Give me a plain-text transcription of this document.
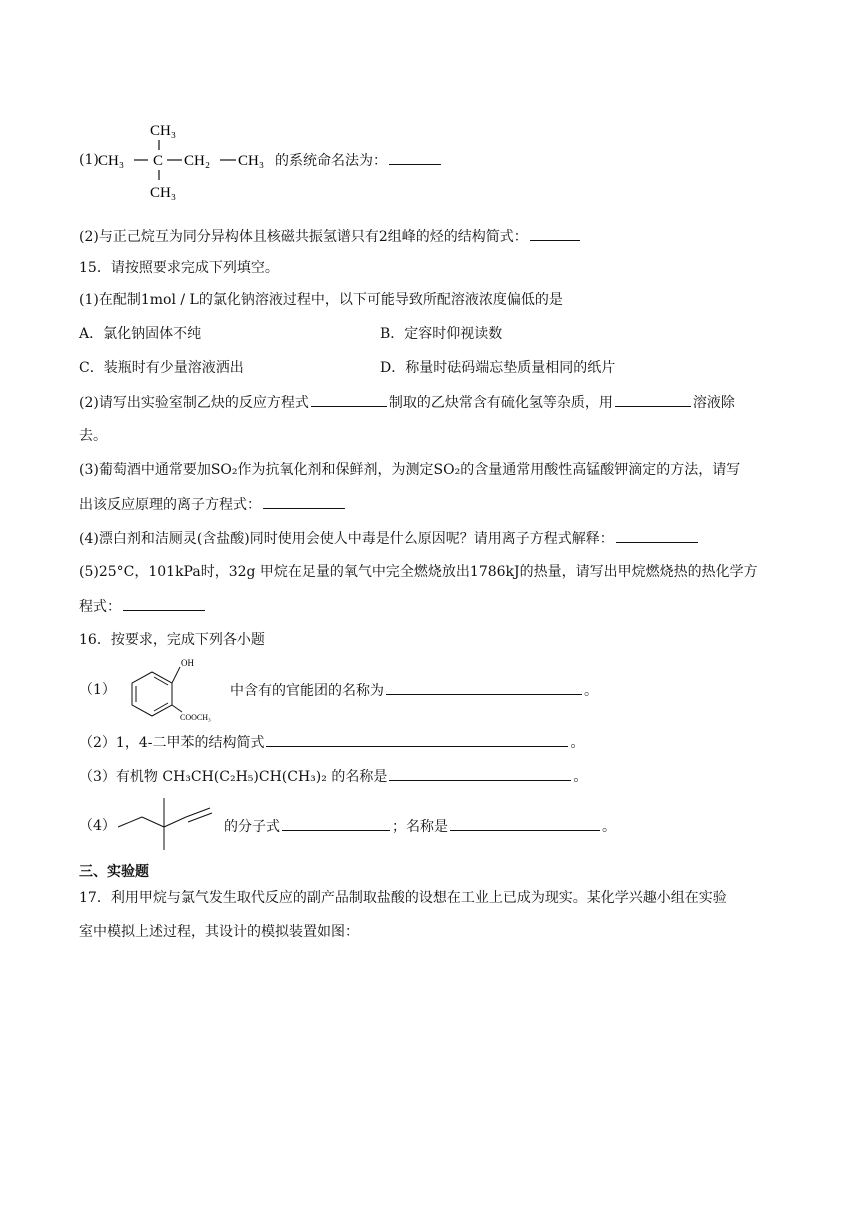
(1)
CH₃
CH₃ C CH₂ CH₃
CH₃
的系统命名法为：
(2)与正己烷互为同分异构体且核磁共振氢谱只有2组峰的烃的结构简式：
15．请按照要求完成下列填空。
(1)在配制1mol / L的氯化钠溶液过程中，以下可能导致所配溶液浓度偏低的是
A．氯化钠固体不纯	B．定容时仰视读数
C．装瓶时有少量溶液洒出	D．称量时砝码端忘垫质量相同的纸片
(2)请写出实验室制乙炔的反应方程式	制取的乙炔常含有硫化氢等杂质，用	溶液除
去。
(3)葡萄酒中通常要加SO₂作为抗氧化剂和保鲜剂，为测定SO₂的含量通常用酸性高锰酸钾滴定的方法，请写
出该反应原理的离子方程式：
(4)漂白剂和洁厕灵(含盐酸)同时使用会使人中毒是什么原因呢？请用离子方程式解释：
(5)25°C，101kPa时，32g 甲烷在足量的氧气中完全燃烧放出1786kJ的热量，请写出甲烷燃烧热的热化学方
程式：
16．按要求，完成下列各小题
（1）
OH
COOCH₃
中含有的官能团的名称为	。
（2）1，4-二甲苯的结构简式	。
（3）有机物 CH₃CH(C₂H₅)CH(CH₃)₂ 的名称是	。
（4）	的分子式	；名称是	。
三、实验题
17．利用甲烷与氯气发生取代反应的副产品制取盐酸的设想在工业上已成为现实。某化学兴趣小组在实验
室中模拟上述过程，其设计的模拟装置如图：
